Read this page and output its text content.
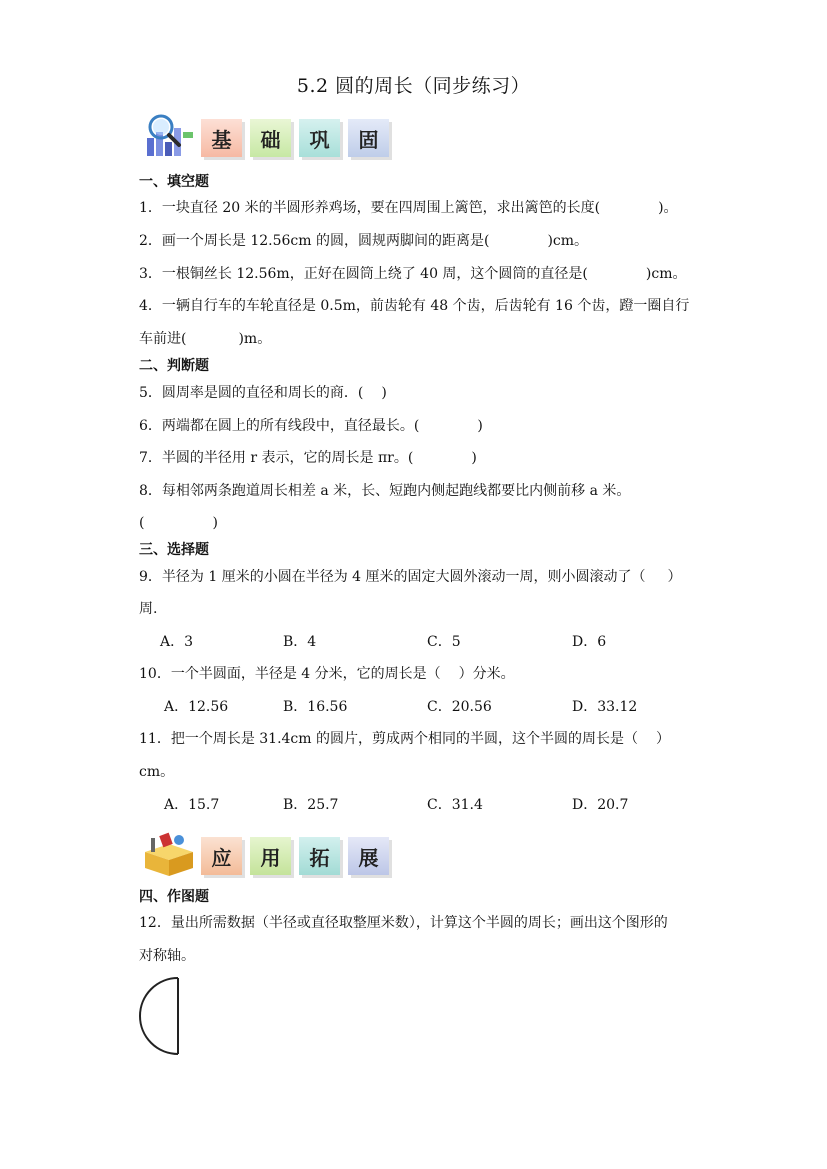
5.2 圆的周长（同步练习）
基	础	巩	固
一、填空题
1．一块直径 20 米的半圆形养鸡场，要在四周围上篱笆，求出篱笆的长度(	)。
2．画一个周长是 12.56cm 的圆，圆规两脚间的距离是(	)cm。
3．一根铜丝长 12.56m，正好在圆筒上绕了 40 周，这个圆筒的直径是(	)cm。
4．一辆自行车的车轮直径是 0.5m，前齿轮有 48 个齿，后齿轮有 16 个齿，蹬一圈自行
车前进(	)m。
二、判断题
5．圆周率是圆的直径和周长的商．( )
6．两端都在圆上的所有线段中，直径最长。(	)
7．半圆的半径用 r 表示，它的周长是 πr。(	)
8．每相邻两条跑道周长相差 a 米，长、短跑内侧起跑线都要比内侧前移 a 米。
(	)
三、选择题
9．半径为 1 厘米的小圆在半径为 4 厘米的固定大圆外滚动一周，则小圆滚动了（ ）
周.
A．3	B．4	C．5	D．6
10．一个半圆面，半径是 4 分米，它的周长是（ ）分米。
A．12.56	B．16.56	C．20.56	D．33.12
11．把一个周长是 31.4cm 的圆片，剪成两个相同的半圆，这个半圆的周长是（ ）
cm。
A．15.7	B．25.7	C．31.4	D．20.7
应	用	拓	展
四、作图题
12．量出所需数据（半径或直径取整厘米数），计算这个半圆的周长；画出这个图形的
对称轴。
